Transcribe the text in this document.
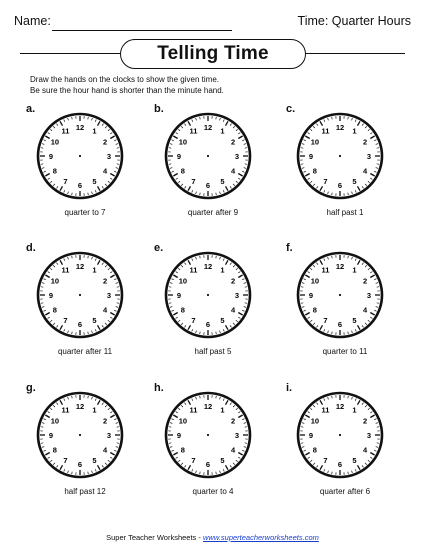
Name:	Time: Quarter Hours
Telling Time
Draw the hands on the clocks to show the given time.
Be sure the hour hand is shorter than the minute hand.
a.
12 1
2
3
4
5
6
7
8
9
10
11
quarter to 7
b.
12 1
2
3
4
5
6
7
8
9
10
11
quarter after 9
c.
12 1
2
3
4
5
6
7
8
9
10
11
half past 1
d.
12 1
2
3
4
5
6
7
8
9
10
11
quarter after 11
e.
12 1
2
3
4
5
6
7
8
9
10
11
half past 5
f.
12 1
2
3
4
5
6
7
8
9
10
11
quarter to 11
g.
12 1
2
3
4
5
6
7
8
9
10
11
half past 12
h.
12 1
2
3
4
5
6
7
8
9
10
11
quarter to 4
i.
12 1
2
3
4
5
6
7
8
9
10
11
quarter after 6
Super Teacher Worksheets - www.superteacherworksheets.com
